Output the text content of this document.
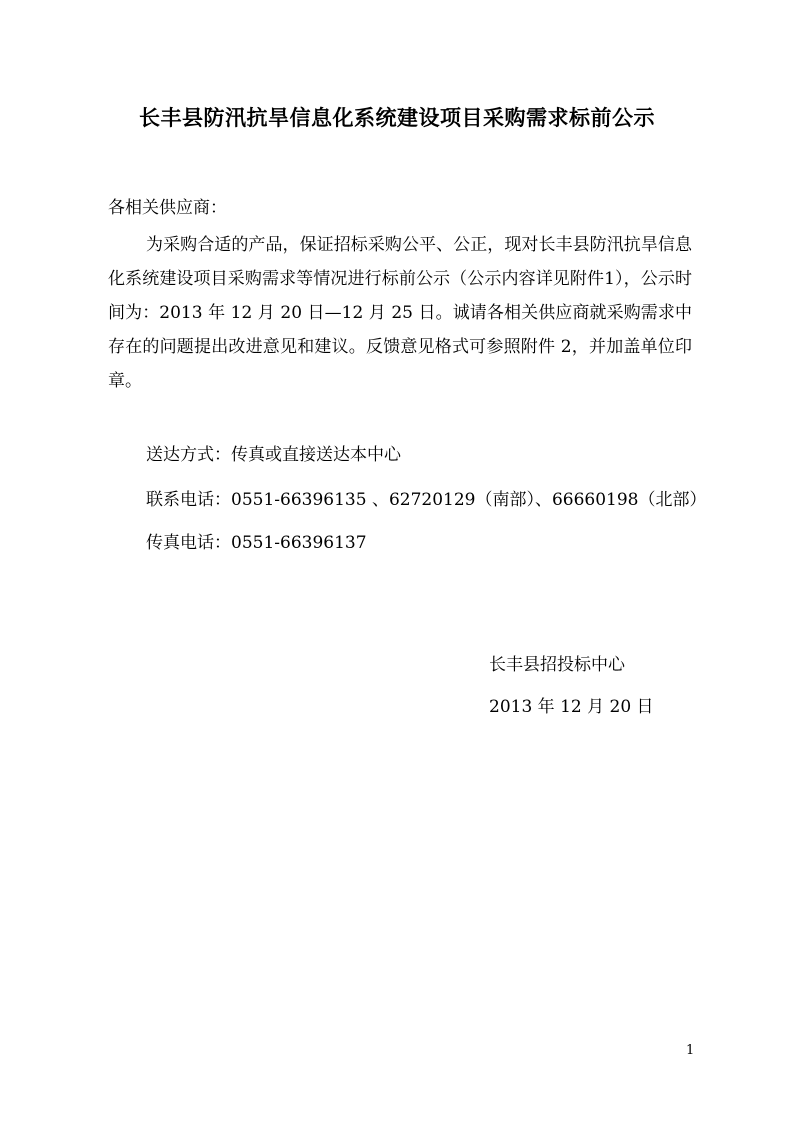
长丰县防汛抗旱信息化系统建设项目采购需求标前公示

各相关供应商：

为采购合适的产品，保证招标采购公平、公正，现对长丰县防汛抗旱信息化系统建设项目采购需求等情况进行标前公示（公示内容详见附件1），公示时间为：2013 年 12 月 20 日—12 月 25 日。诚请各相关供应商就采购需求中存在的问题提出改进意见和建议。反馈意见格式可参照附件 2，并加盖单位印章。

送达方式：传真或直接送达本中心

联系电话：0551-66396135 、62720129（南部）、66660198（北部）

传真电话：0551-66396137

长丰县招投标中心

2013 年 12 月 20 日

1
